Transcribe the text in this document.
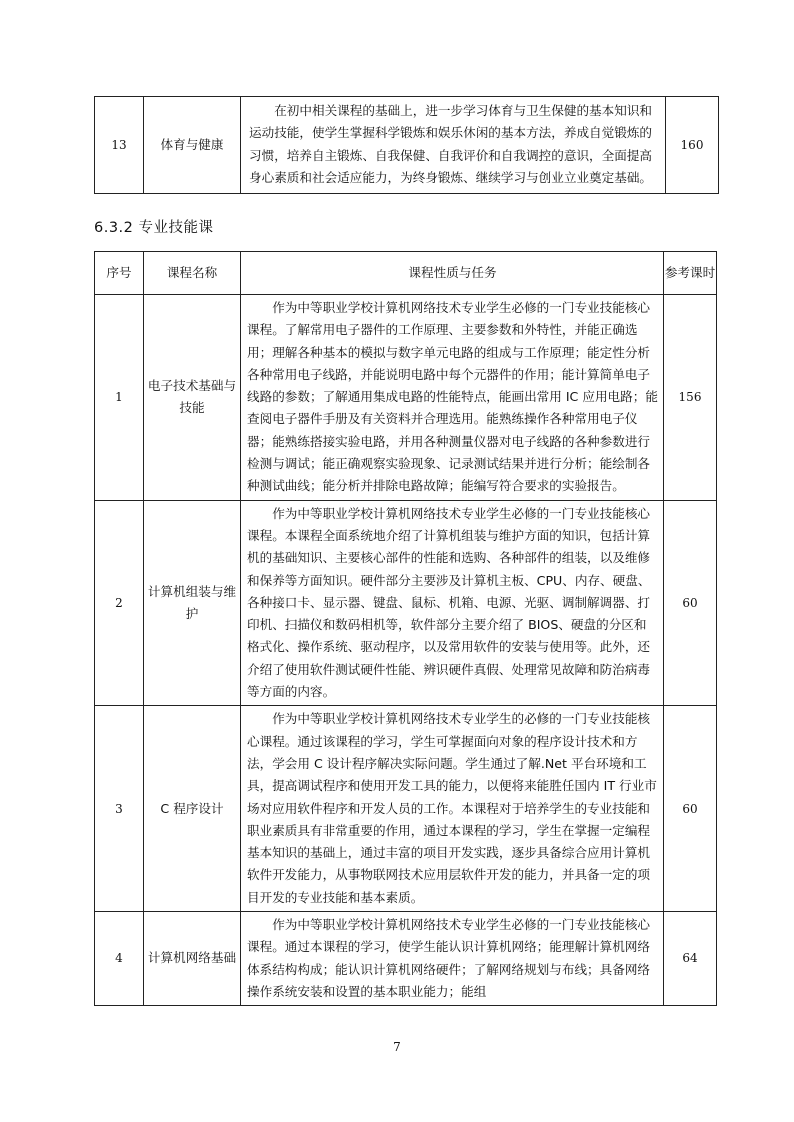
13	体育与健康	在初中相关课程的基础上，进一步学习体育与卫生保健的基本知识和运动技能，使学生掌握科学锻炼和娱乐休闲的基本方法，养成自觉锻炼的习惯，培养自主锻炼、自我保健、自我评价和自我调控的意识，全面提高身心素质和社会适应能力，为终身锻炼、继续学习与创业立业奠定基础。	160
6.3.2 专业技能课
序号	课程名称	课程性质与任务	参考课时
1	电子技术基础与技能	作为中等职业学校计算机网络技术专业学生必修的一门专业技能核心课程。了解常用电子器件的工作原理、主要参数和外特性，并能正确选用；理解各种基本的模拟与数字单元电路的组成与工作原理；能定性分析各种常用电子线路，并能说明电路中每个元器件的作用；能计算简单电子线路的参数；了解通用集成电路的性能特点，能画出常用 IC 应用电路；能查阅电子器件手册及有关资料并合理选用。能熟练操作各种常用电子仪器；能熟练搭接实验电路，并用各种测量仪器对电子线路的各种参数进行检测与调试；能正确观察实验现象、记录测试结果并进行分析；能绘制各种测试曲线；能分析并排除电路故障；能编写符合要求的实验报告。	156
2	计算机组装与维护	作为中等职业学校计算机网络技术专业学生必修的一门专业技能核心课程。本课程全面系统地介绍了计算机组装与维护方面的知识，包括计算机的基础知识、主要核心部件的性能和选购、各种部件的组装，以及维修和保养等方面知识。硬件部分主要涉及计算机主板、CPU、内存、硬盘、各种接口卡、显示器、键盘、鼠标、机箱、电源、光驱、调制解调器、打印机、扫描仪和数码相机等，软件部分主要介绍了 BIOS、硬盘的分区和格式化、操作系统、驱动程序，以及常用软件的安装与使用等。此外，还介绍了使用软件测试硬件性能、辨识硬件真假、处理常见故障和防治病毒等方面的内容。	60
3	C 程序设计	作为中等职业学校计算机网络技术专业学生的必修的一门专业技能核心课程。通过该课程的学习，学生可掌握面向对象的程序设计技术和方法，学会用 C 设计程序解决实际问题。学生通过了解.Net 平台环境和工具，提高调试程序和使用开发工具的能力，以便将来能胜任国内 IT 行业市场对应用软件程序和开发人员的工作。本课程对于培养学生的专业技能和职业素质具有非常重要的作用，通过本课程的学习，学生在掌握一定编程基本知识的基础上，通过丰富的项目开发实践，逐步具备综合应用计算机软件开发能力，从事物联网技术应用层软件开发的能力，并具备一定的项目开发的专业技能和基本素质。	60
4	计算机网络基础	作为中等职业学校计算机网络技术专业学生必修的一门专业技能核心课程。通过本课程的学习，使学生能认识计算机网络；能理解计算机网络体系结构构成；能认识计算机网络硬件；了解网络规划与布线；具备网络操作系统安装和设置的基本职业能力；能组	64
7
